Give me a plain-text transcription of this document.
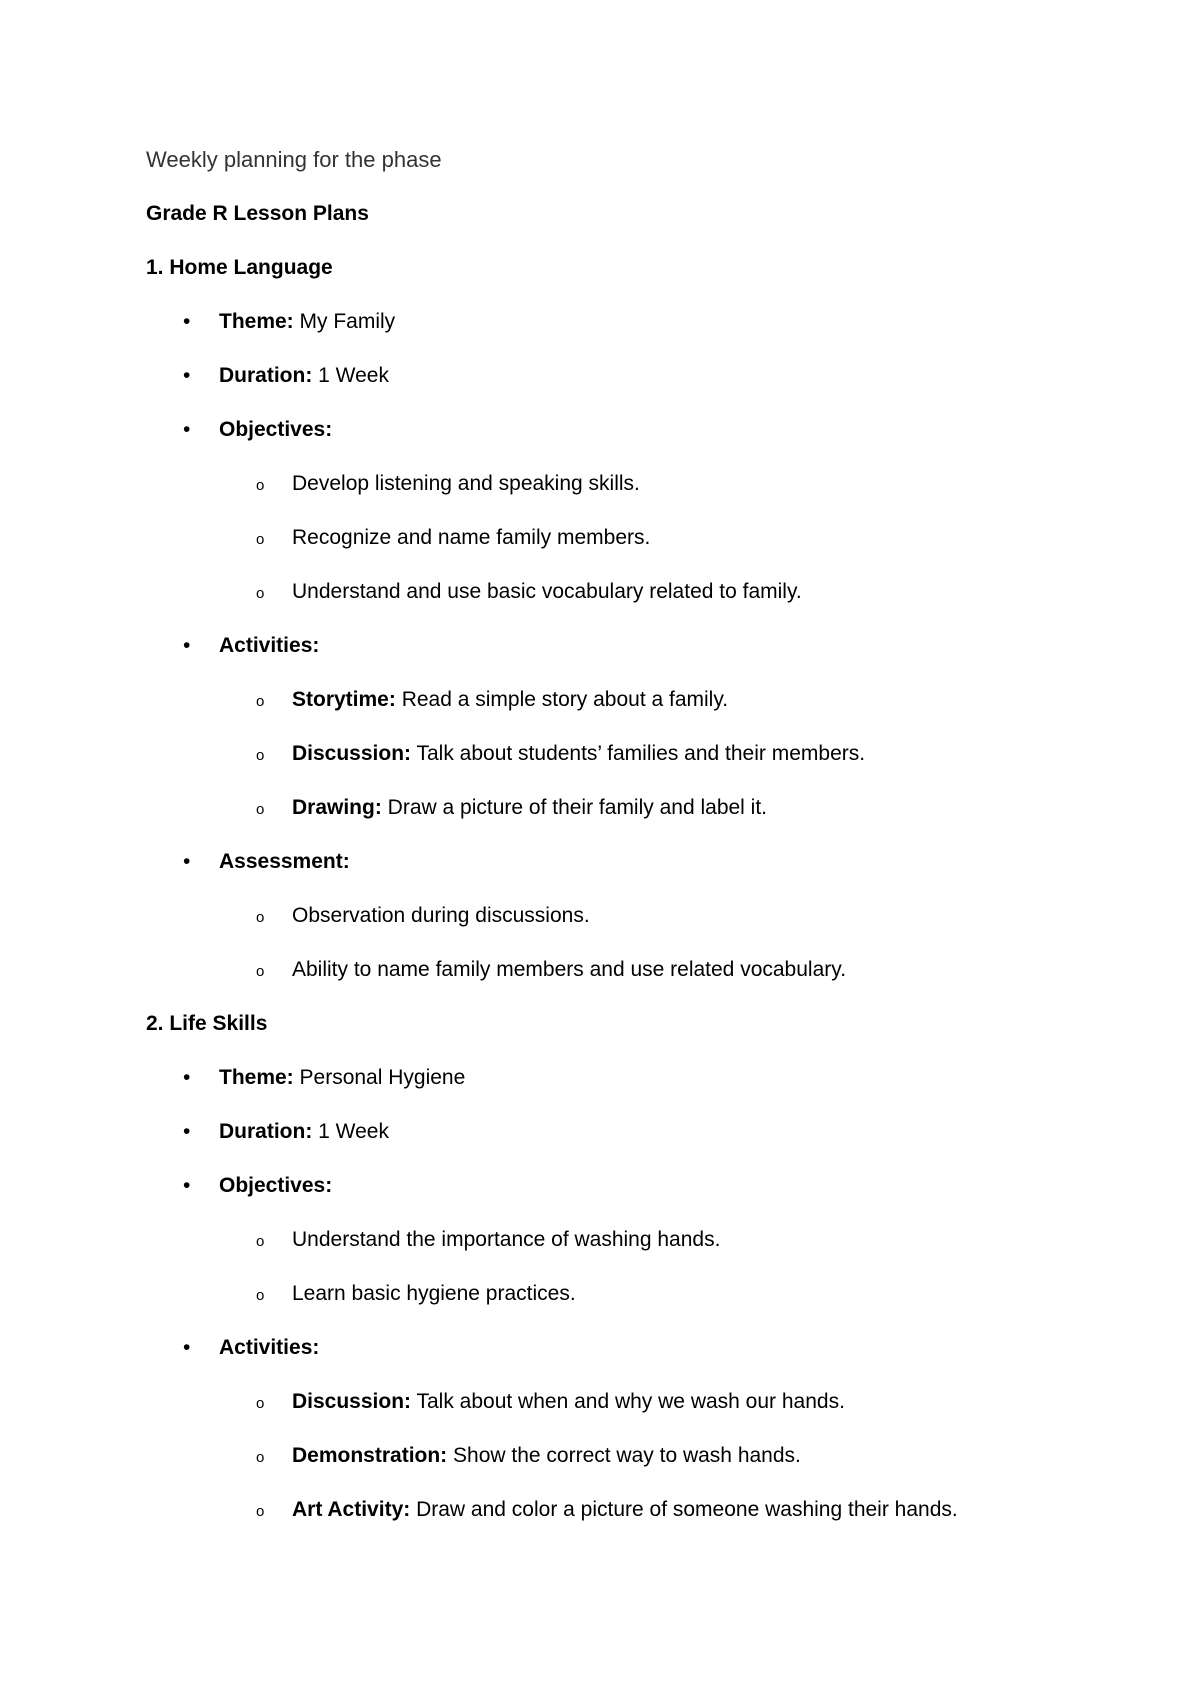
Weekly planning for the phase
Grade R Lesson Plans
1. Home Language
• Theme: My Family
• Duration: 1 Week
• Objectives:
o Develop listening and speaking skills.
o Recognize and name family members.
o Understand and use basic vocabulary related to family.
• Activities:
o Storytime: Read a simple story about a family.
o Discussion: Talk about students’ families and their members.
o Drawing: Draw a picture of their family and label it.
• Assessment:
o Observation during discussions.
o Ability to name family members and use related vocabulary.
2. Life Skills
• Theme: Personal Hygiene
• Duration: 1 Week
• Objectives:
o Understand the importance of washing hands.
o Learn basic hygiene practices.
• Activities:
o Discussion: Talk about when and why we wash our hands.
o Demonstration: Show the correct way to wash hands.
o Art Activity: Draw and color a picture of someone washing their hands.
